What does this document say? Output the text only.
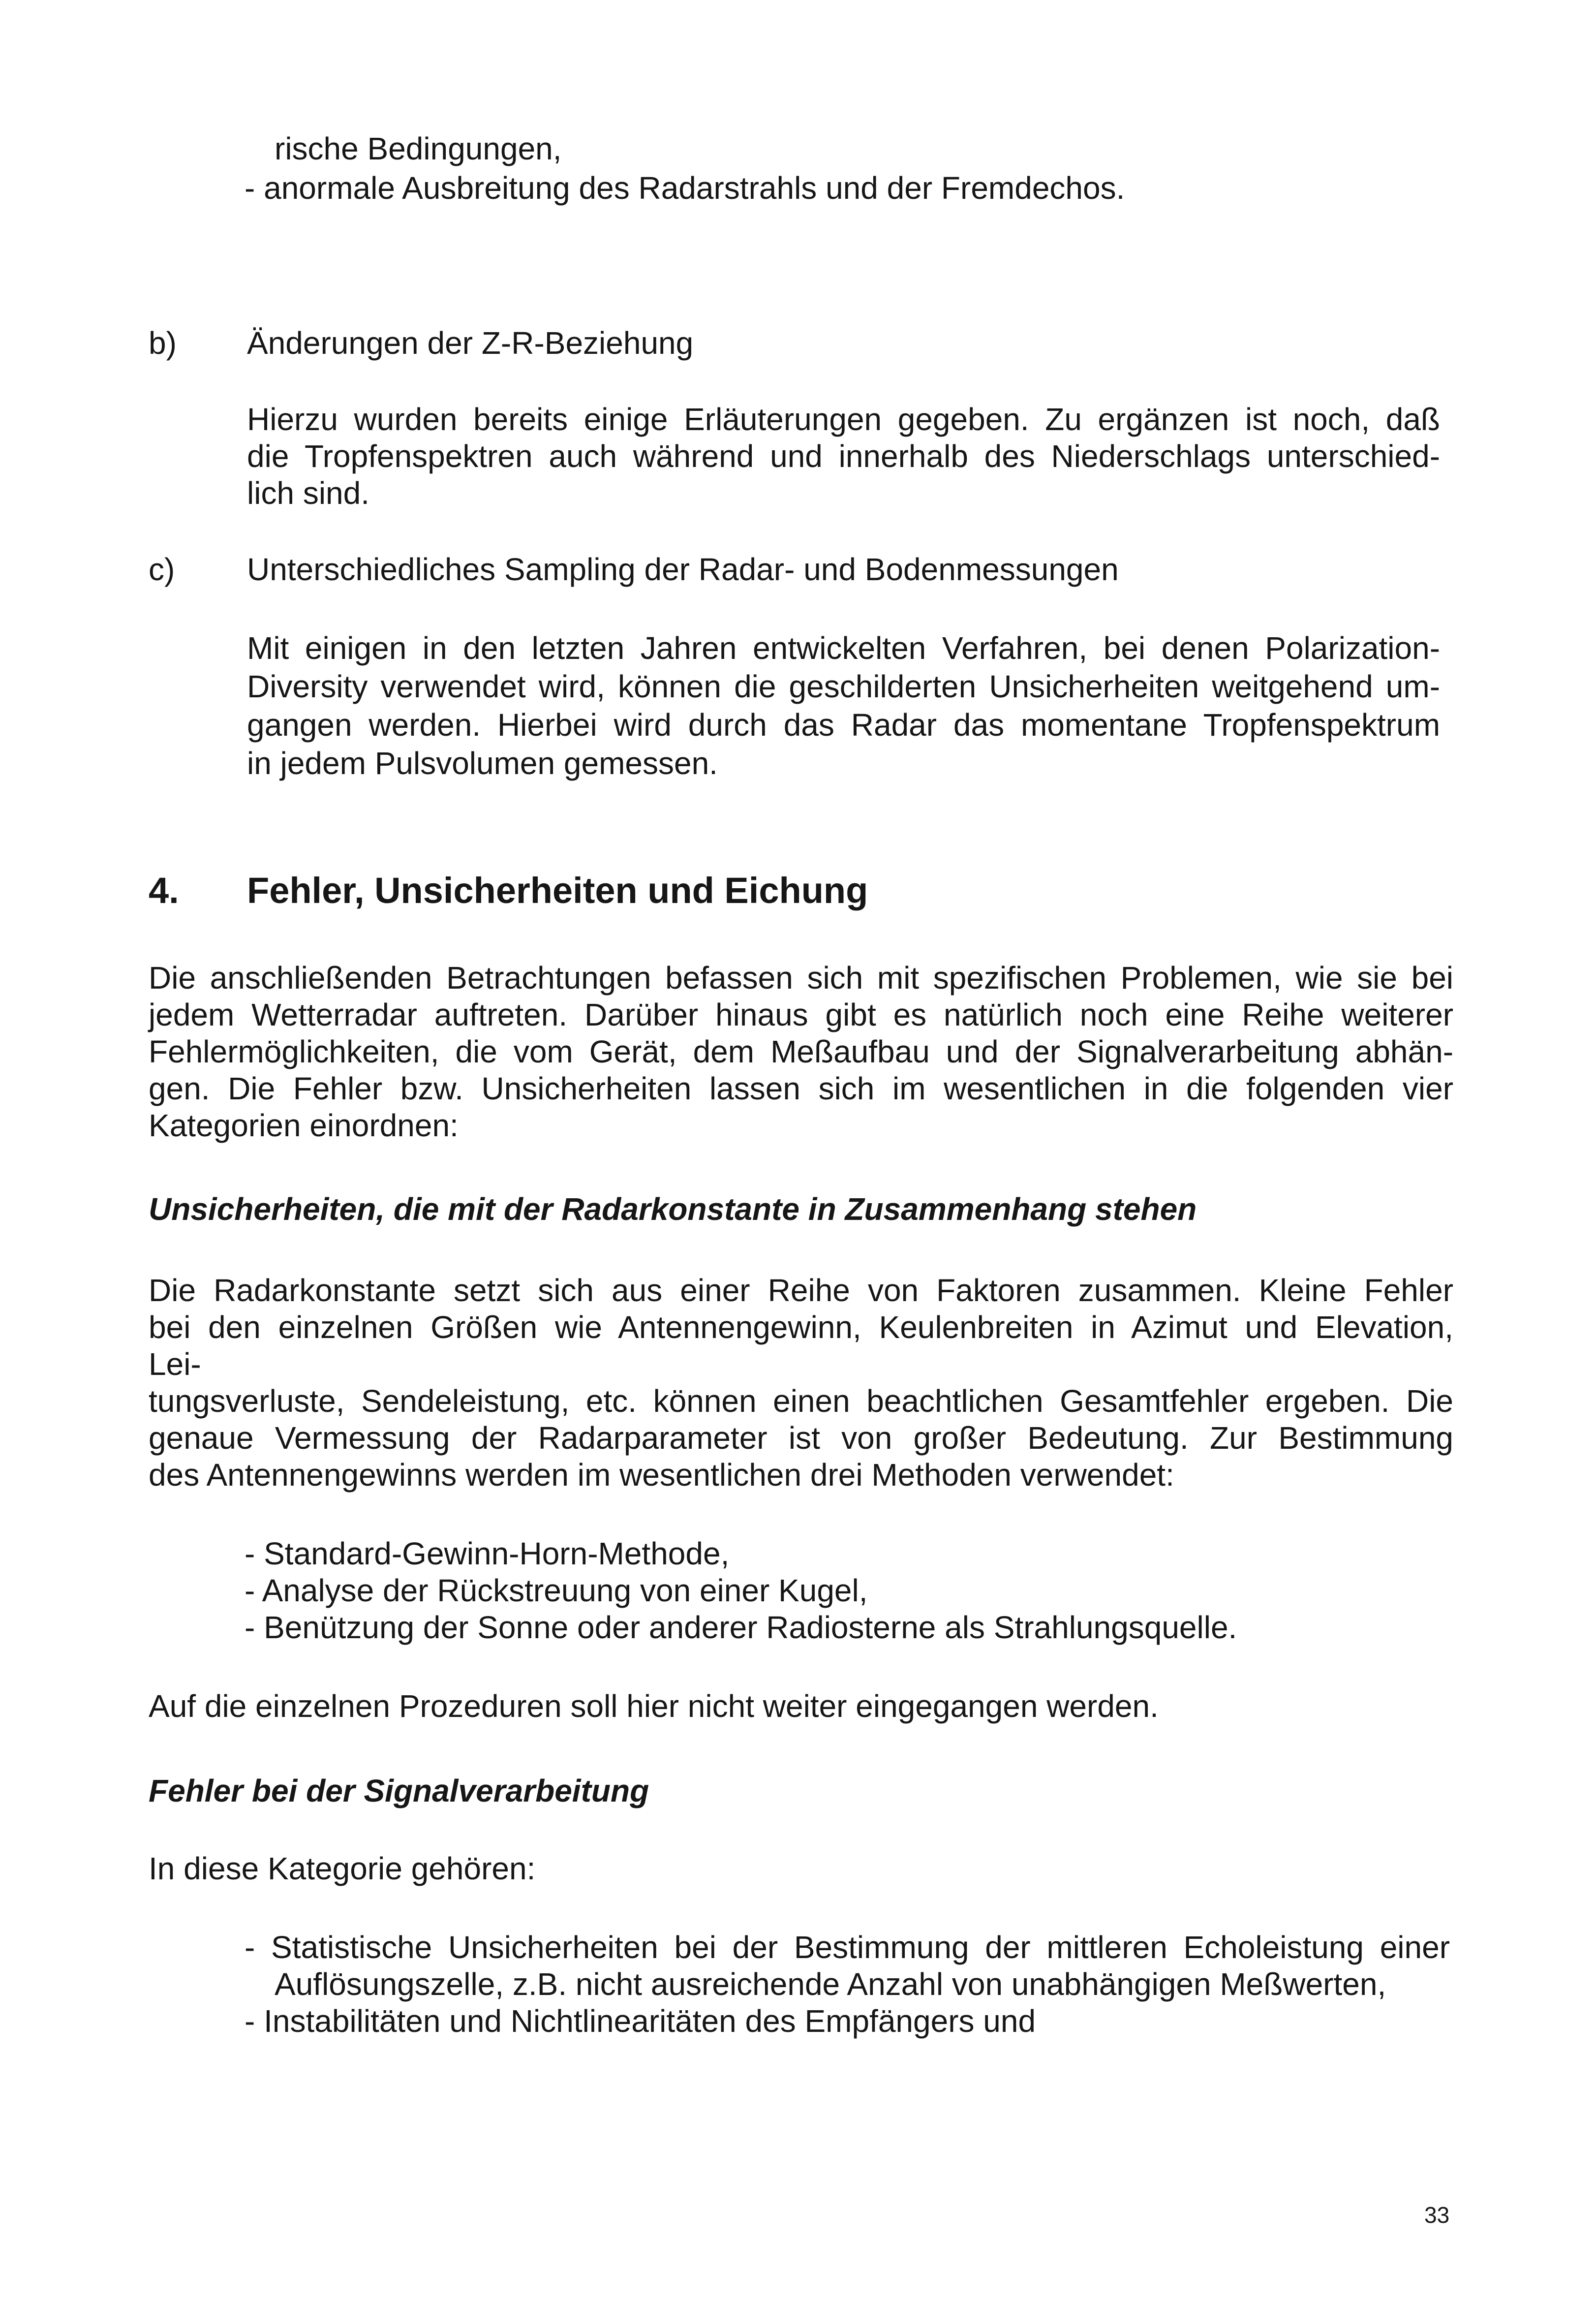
rische Bedingungen,
- anormale Ausbreitung des Radarstrahls und der Fremdechos.
b) Änderungen der Z-R-Beziehung
Hierzu wurden bereits einige Erläuterungen gegeben. Zu ergänzen ist noch, daß
die Tropfenspektren auch während und innerhalb des Niederschlags unterschied-
lich sind.
c) Unterschiedliches Sampling der Radar- und Bodenmessungen
Mit einigen in den letzten Jahren entwickelten Verfahren, bei denen Polarization-
Diversity verwendet wird, können die geschilderten Unsicherheiten weitgehend um-
gangen werden. Hierbei wird durch das Radar das momentane Tropfenspektrum
in jedem Pulsvolumen gemessen.
4. Fehler, Unsicherheiten und Eichung
Die anschließenden Betrachtungen befassen sich mit spezifischen Problemen, wie sie bei
jedem Wetterradar auftreten. Darüber hinaus gibt es natürlich noch eine Reihe weiterer
Fehlermöglichkeiten, die vom Gerät, dem Meßaufbau und der Signalverarbeitung abhän-
gen. Die Fehler bzw. Unsicherheiten lassen sich im wesentlichen in die folgenden vier
Kategorien einordnen:
Unsicherheiten, die mit der Radarkonstante in Zusammenhang stehen
Die Radarkonstante setzt sich aus einer Reihe von Faktoren zusammen. Kleine Fehler
bei den einzelnen Größen wie Antennengewinn, Keulenbreiten in Azimut und Elevation,
Lei-
tungsverluste, Sendeleistung, etc. können einen beachtlichen Gesamtfehler ergeben. Die
genaue Vermessung der Radarparameter ist von großer Bedeutung. Zur Bestimmung
des Antennengewinns werden im wesentlichen drei Methoden verwendet:
- Standard-Gewinn-Horn-Methode,
- Analyse der Rückstreuung von einer Kugel,
- Benützung der Sonne oder anderer Radiosterne als Strahlungsquelle.
Auf die einzelnen Prozeduren soll hier nicht weiter eingegangen werden.
Fehler bei der Signalverarbeitung
In diese Kategorie gehören:
- Statistische Unsicherheiten bei der Bestimmung der mittleren Echoleistung einer
Auflösungszelle, z.B. nicht ausreichende Anzahl von unabhängigen Meßwerten,
- Instabilitäten und Nichtlinearitäten des Empfängers und
33
